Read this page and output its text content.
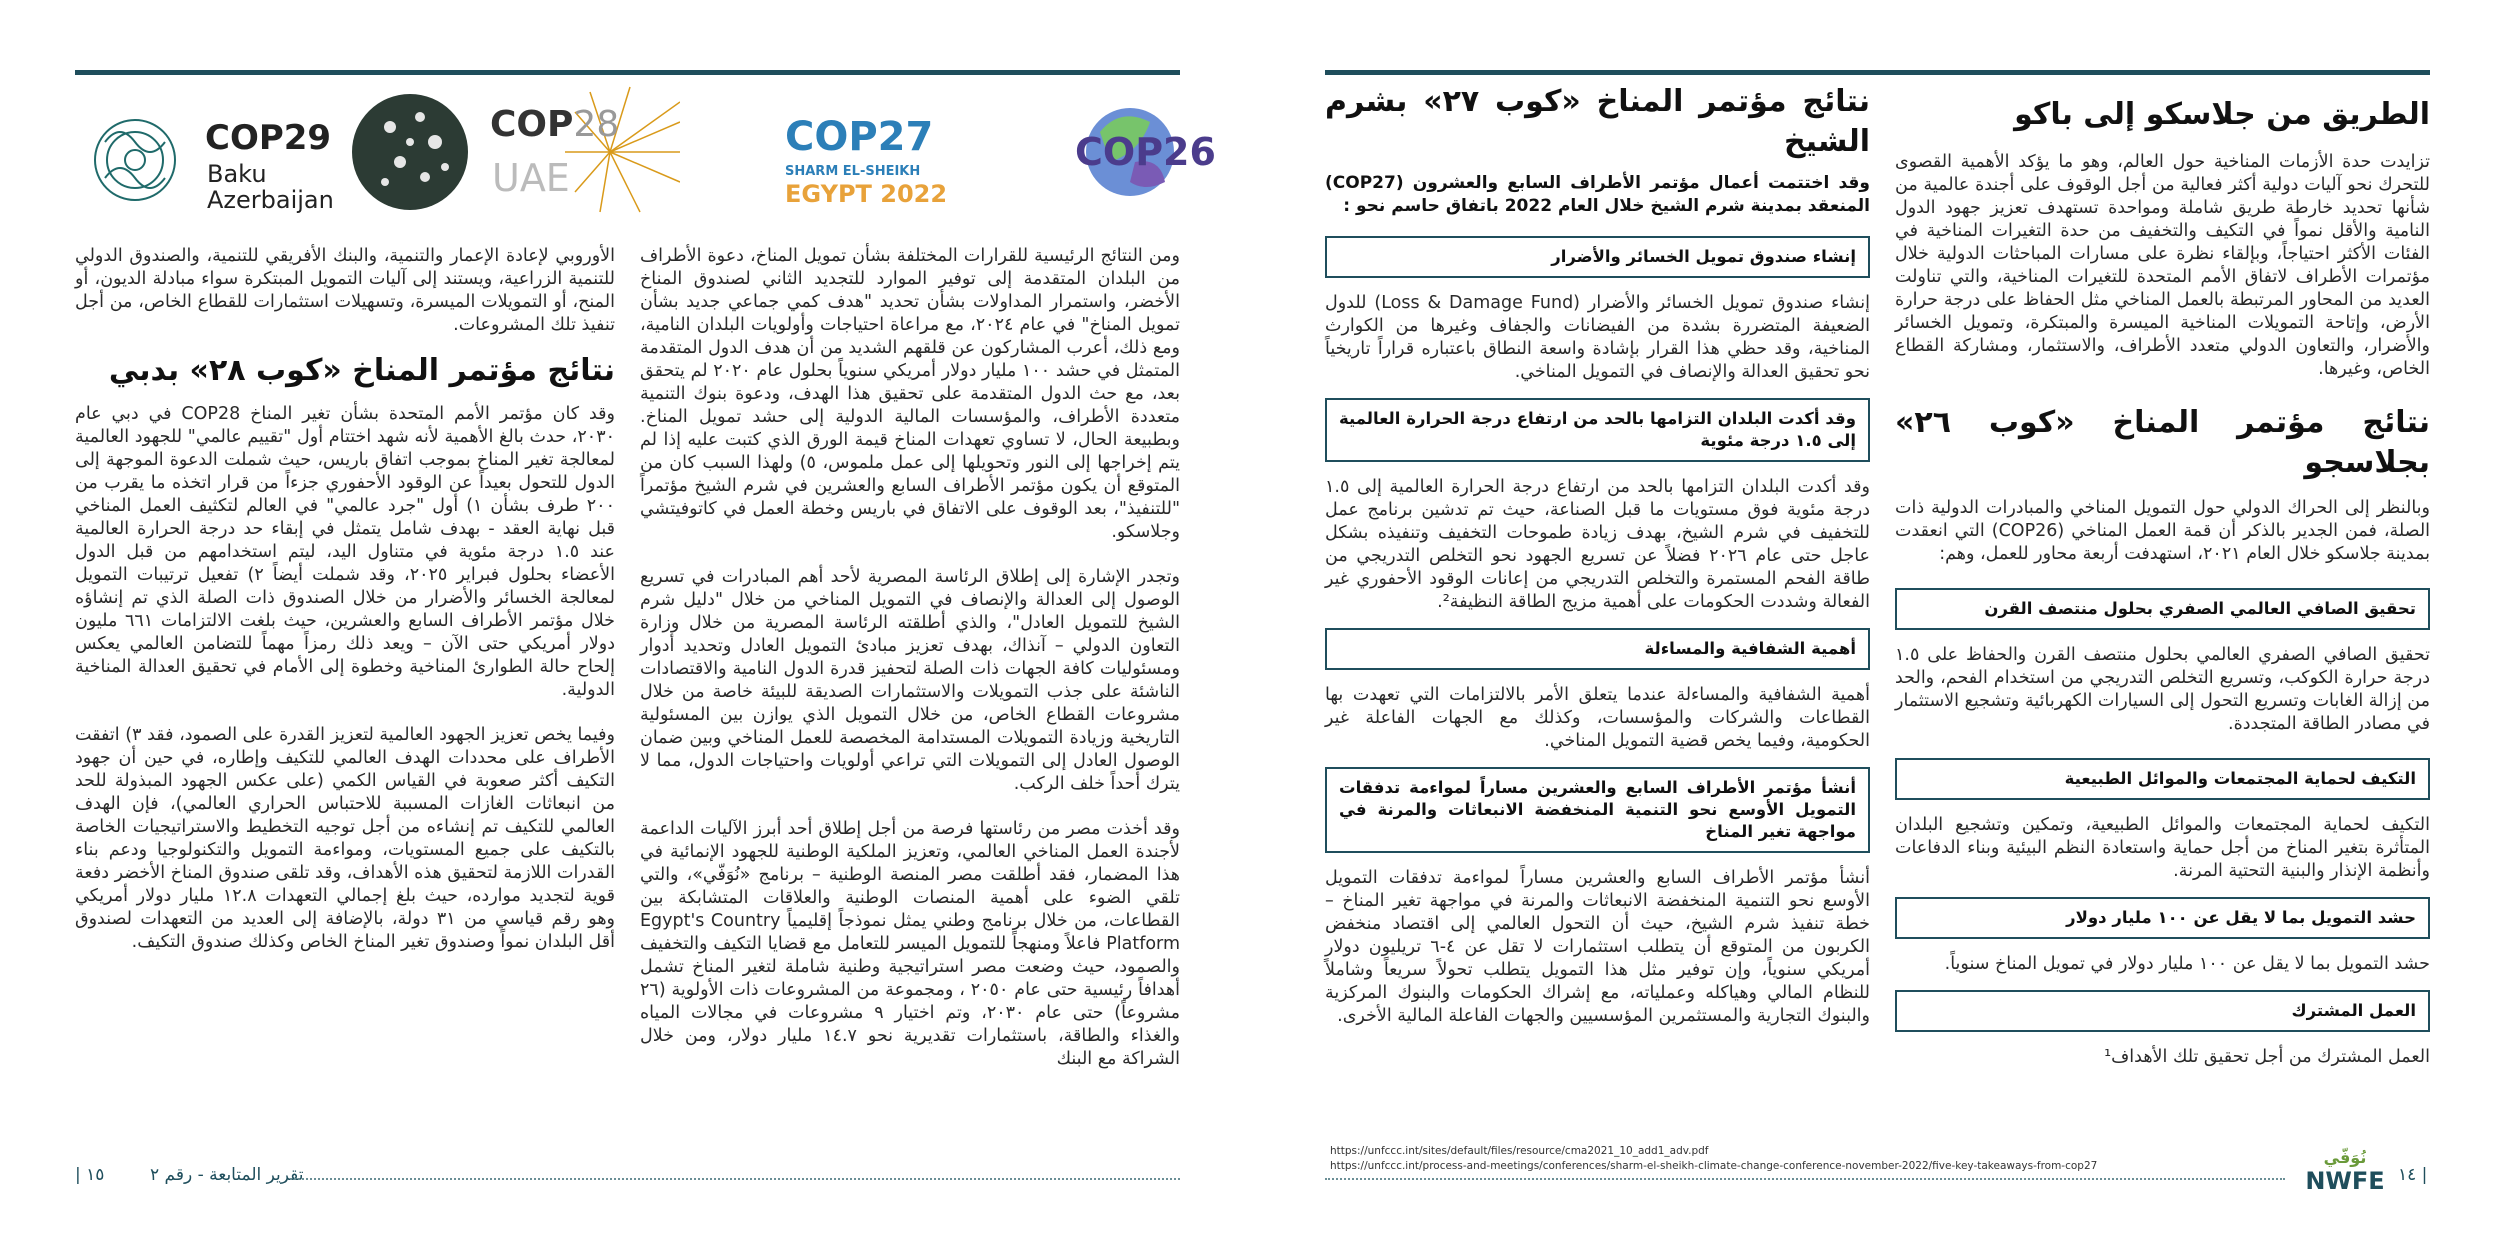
COP29
Baku
Azerbaijan
COP28
UAE
COP27
SHARM EL-SHEIKH
EGYPT 2022
COP26

ومن النتائج الرئيسية للقرارات المختلفة بشأن تمويل المناخ، دعوة الأطراف من البلدان المتقدمة إلى توفير الموارد للتجديد الثاني لصندوق المناخ الأخضر، واستمرار المداولات بشأن تحديد "هدف كمي جماعي جديد بشأن تمويل المناخ" في عام ٢٠٢٤، مع مراعاة احتياجات وأولويات البلدان النامية، ومع ذلك، أعرب المشاركون عن قلقهم الشديد من أن هدف الدول المتقدمة المتمثل في حشد ١٠٠ مليار دولار أمريكي سنوياً بحلول عام ٢٠٢٠ لم يتحقق بعد، مع حث الدول المتقدمة على تحقيق هذا الهدف، ودعوة بنوك التنمية متعددة الأطراف، والمؤسسات المالية الدولية إلى حشد تمويل المناخ. وبطبيعة الحال، لا تساوي تعهدات المناخ قيمة الورق الذي كتبت عليه إذا لم يتم إخراجها إلى النور وتحويلها إلى عمل ملموس، ٥) ولهذا السبب كان من المتوقع أن يكون مؤتمر الأطراف السابع والعشرين في شرم الشيخ مؤتمراً "للتنفيذ"، بعد الوقوف على الاتفاق في باريس وخطة العمل في كاتوفيتشي وجلاسكو.

وتجدر الإشارة إلى إطلاق الرئاسة المصرية لأحد أهم المبادرات في تسريع الوصول إلى العدالة والإنصاف في التمويل المناخي من خلال "دليل شرم الشيخ للتمويل العادل"، والذي أطلقته الرئاسة المصرية من خلال وزارة التعاون الدولي – آنذاك، بهدف تعزيز مبادئ التمويل العادل وتحديد أدوار ومسئوليات كافة الجهات ذات الصلة لتحفيز قدرة الدول النامية والاقتصادات الناشئة على جذب التمويلات والاستثمارات الصديقة للبيئة خاصة من خلال مشروعات القطاع الخاص، من خلال التمويل الذي يوازن بين المسئولية التاريخية وزيادة التمويلات المستدامة المخصصة للعمل المناخي وبين ضمان الوصول العادل إلى التمويلات التي تراعي أولويات واحتياجات الدول، مما لا يترك أحداً خلف الركب.

وقد أخذت مصر من رئاستها فرصة من أجل إطلاق أحد أبرز الآليات الداعمة لأجندة العمل المناخي العالمي، وتعزيز الملكية الوطنية للجهود الإنمائية في هذا المضمار، فقد أطلقت مصر المنصة الوطنية – برنامج «نُوَفّي»، والتي تلقي الضوء على أهمية المنصات الوطنية والعلاقات المتشابكة بين القطاعات، من خلال برنامج وطني يمثل نموذجاً إقليمياً Egypt's Country Platform فاعلاً ومنهجاً للتمويل الميسر للتعامل مع قضايا التكيف والتخفيف والصمود، حيث وضعت مصر استراتيجية وطنية شاملة لتغير المناخ تشمل أهدافاً رئيسية حتى عام ٢٠٥٠ ، ومجموعة من المشروعات ذات الأولوية (٢٦ مشروعاً) حتى عام ٢٠٣٠، وتم اختيار ٩ مشروعات في مجالات المياه والغذاء والطاقة، باستثمارات تقديرية نحو ١٤.٧ مليار دولار، ومن خلال الشراكة مع البنك

الأوروبي لإعادة الإعمار والتنمية، والبنك الأفريقي للتنمية، والصندوق الدولي للتنمية الزراعية، ويستند إلى آليات التمويل المبتكرة سواء مبادلة الديون، أو المنح، أو التمويلات الميسرة، وتسهيلات استثمارات للقطاع الخاص، من أجل تنفيذ تلك المشروعات.

نتائج مؤتمر المناخ «كوب ٢٨» بدبي

وقد كان مؤتمر الأمم المتحدة بشأن تغير المناخ COP28 في دبي عام ٢٠٣٠، حدث بالغ الأهمية لأنه شهد اختتام أول "تقييم عالمي" للجهود العالمية لمعالجة تغير المناخ بموجب اتفاق باريس، حيث شملت الدعوة الموجهة إلى الدول للتحول بعيداً عن الوقود الأحفوري جزءاً من قرار اتخذه ما يقرب من ٢٠٠ طرف بشأن ١) أول "جرد عالمي" في العالم لتكثيف العمل المناخي قبل نهاية العقد - بهدف شامل يتمثل في إبقاء حد درجة الحرارة العالمية عند ١.٥ درجة مئوية في متناول اليد، ليتم استخدامهم من قبل الدول الأعضاء بحلول فبراير ٢٠٢٥، وقد شملت أيضاً ٢) تفعيل ترتيبات التمويل لمعالجة الخسائر والأضرار من خلال الصندوق ذات الصلة الذي تم إنشاؤه خلال مؤتمر الأطراف السابع والعشرين، حيث بلغت الالتزامات ٦٦١ مليون دولار أمريكي حتى الآن – ويعد ذلك رمزاً مهماً للتضامن العالمي يعكس إلحاح حالة الطوارئ المناخية وخطوة إلى الأمام في تحقيق العدالة المناخية الدولية.

وفيما يخص تعزيز الجهود العالمية لتعزيز القدرة على الصمود، فقد ٣) اتفقت الأطراف على محددات الهدف العالمي للتكيف وإطاره، في حين أن جهود التكيف أكثر صعوبة في القياس الكمي (على عكس الجهود المبذولة للحد من انبعاثات الغازات المسببة للاحتباس الحراري العالمي)، فإن الهدف العالمي للتكيف تم إنشاءه من أجل توجيه التخطيط والاستراتيجيات الخاصة بالتكيف على جميع المستويات، ومواءمة التمويل والتكنولوجيا ودعم بناء القدرات اللازمة لتحقيق هذه الأهداف، وقد تلقى صندوق المناخ الأخضر دفعة قوية لتجديد موارده، حيث بلغ إجمالي التعهدات ١٢.٨ مليار دولار أمريكي وهو رقم قياسي من ٣١ دولة، بالإضافة إلى العديد من التعهدات لصندوق أقل البلدان نمواً وصندوق تغير المناخ الخاص وكذلك صندوق التكيف.

تقرير المتابعة - رقم ٢
١٥ |
الطريق من جلاسكو إلى باكو

تزايدت حدة الأزمات المناخية حول العالم، وهو ما يؤكد الأهمية القصوى للتحرك نحو آليات دولية أكثر فعالية من أجل الوقوف على أجندة عالمية من شأنها تحديد خارطة طريق شاملة ومواحدة تستهدف تعزيز جهود الدول النامية والأقل نمواً في التكيف والتخفيف من حدة التغيرات المناخية في الفئات الأكثر احتياجاً، وبإلقاء نظرة على مسارات المباحثات الدولية خلال مؤتمرات الأطراف لاتفاق الأمم المتحدة للتغيرات المناخية، والتي تناولت العديد من المحاور المرتبطة بالعمل المناخي مثل الحفاظ على درجة حرارة الأرض، وإتاحة التمويلات المناخية الميسرة والمبتكرة، وتمويل الخسائر والأضرار، والتعاون الدولي متعدد الأطراف، والاستثمار، ومشاركة القطاع الخاص، وغيرها.

نتائج مؤتمر المناخ «كوب ٢٦» بجلاسجو

وبالنظر إلى الحراك الدولي حول التمويل المناخي والمبادرات الدولية ذات الصلة، فمن الجدير بالذكر أن قمة العمل المناخي (COP26) التي انعقدت بمدينة جلاسكو خلال العام ٢٠٢١، استهدفت أربعة محاور للعمل، وهم:

تحقيق الصافي العالمي الصفري بحلول منتصف القرن

تحقيق الصافي الصفري العالمي بحلول منتصف القرن والحفاظ على ١.٥ درجة حرارة الكوكب، وتسريع التخلص التدريجي من استخدام الفحم، والحد من إزالة الغابات وتسريع التحول إلى السيارات الكهربائية وتشجيع الاستثمار في مصادر الطاقة المتجددة.

التكيف لحماية المجتمعات والموائل الطبيعية

التكيف لحماية المجتمعات والموائل الطبيعية، وتمكين وتشجيع البلدان المتأثرة بتغير المناخ من أجل حماية واستعادة النظم البيئية وبناء الدفاعات وأنظمة الإنذار والبنية التحتية المرنة.

حشد التمويل بما لا يقل عن ١٠٠ مليار دولار

حشد التمويل بما لا يقل عن ١٠٠ مليار دولار في تمويل المناخ سنوياً.

العمل المشترك

العمل المشترك من أجل تحقيق تلك الأهداف¹

نتائج مؤتمر المناخ «كوب ٢٧» بشرم الشيخ
وقد اختتمت أعمال مؤتمر الأطراف السابع والعشرون (COP27) المنعقد بمدينة شرم الشيخ خلال العام 2022 باتفاق حاسم نحو :
إنشاء صندوق تمويل الخسائر والأضرار

إنشاء صندوق تمويل الخسائر والأضرار (Loss & Damage Fund) للدول الضعيفة المتضررة بشدة من الفيضانات والجفاف وغيرها من الكوارث المناخية، وقد حظي هذا القرار بإشادة واسعة النطاق باعتباره قراراً تاريخياً نحو تحقيق العدالة والإنصاف في التمويل المناخي.

وقد أكدت البلدان التزامها بالحد من ارتفاع درجة الحرارة العالمية إلى ١.٥ درجة مئوية

وقد أكدت البلدان التزامها بالحد من ارتفاع درجة الحرارة العالمية إلى ١.٥ درجة مئوية فوق مستويات ما قبل الصناعة، حيث تم تدشين برنامج عمل للتخفيف في شرم الشيخ، بهدف زيادة طموحات التخفيف وتنفيذه بشكل عاجل حتى عام ٢٠٢٦ فضلاً عن تسريع الجهود نحو التخلص التدريجي من طاقة الفحم المستمرة والتخلص التدريجي من إعانات الوقود الأحفوري غير الفعالة وشددت الحكومات على أهمية مزيج الطاقة النظيفة².

أهمية الشفافية والمساءلة

أهمية الشفافية والمساءلة عندما يتعلق الأمر بالالتزامات التي تعهدت بها القطاعات والشركات والمؤسسات، وكذلك مع الجهات الفاعلة غير الحكومية، وفيما يخص قضية التمويل المناخي.

أنشأ مؤتمر الأطراف السابع والعشرين مساراً لمواءمة تدفقات التمويل الأوسع نحو التنمية المنخفضة الانبعاثات والمرنة في مواجهة تغير المناخ

أنشأ مؤتمر الأطراف السابع والعشرين مساراً لمواءمة تدفقات التمويل الأوسع نحو التنمية المنخفضة الانبعاثات والمرنة في مواجهة تغير المناخ – خطة تنفيذ شرم الشيخ، حيث أن التحول العالمي إلى اقتصاد منخفض الكربون من المتوقع أن يتطلب استثمارات لا تقل عن ٤-٦ تريليون دولار أمريكي سنوياً، وإن توفير مثل هذا التمويل يتطلب تحولاً سريعاً وشاملاً للنظام المالي وهياكله وعملياته، مع إشراك الحكومات والبنوك المركزية والبنوك التجارية والمستثمرين المؤسسيين والجهات الفاعلة المالية الأخرى.

https://unfccc.int/sites/default/files/resource/cma2021_10_add1_adv.pdf
https://unfccc.int/process-and-meetings/conferences/sharm-el-sheikh-climate-change-conference-november-2022/five-key-takeaways-from-cop27	نُوَفّي
NWFE	| ١٤
